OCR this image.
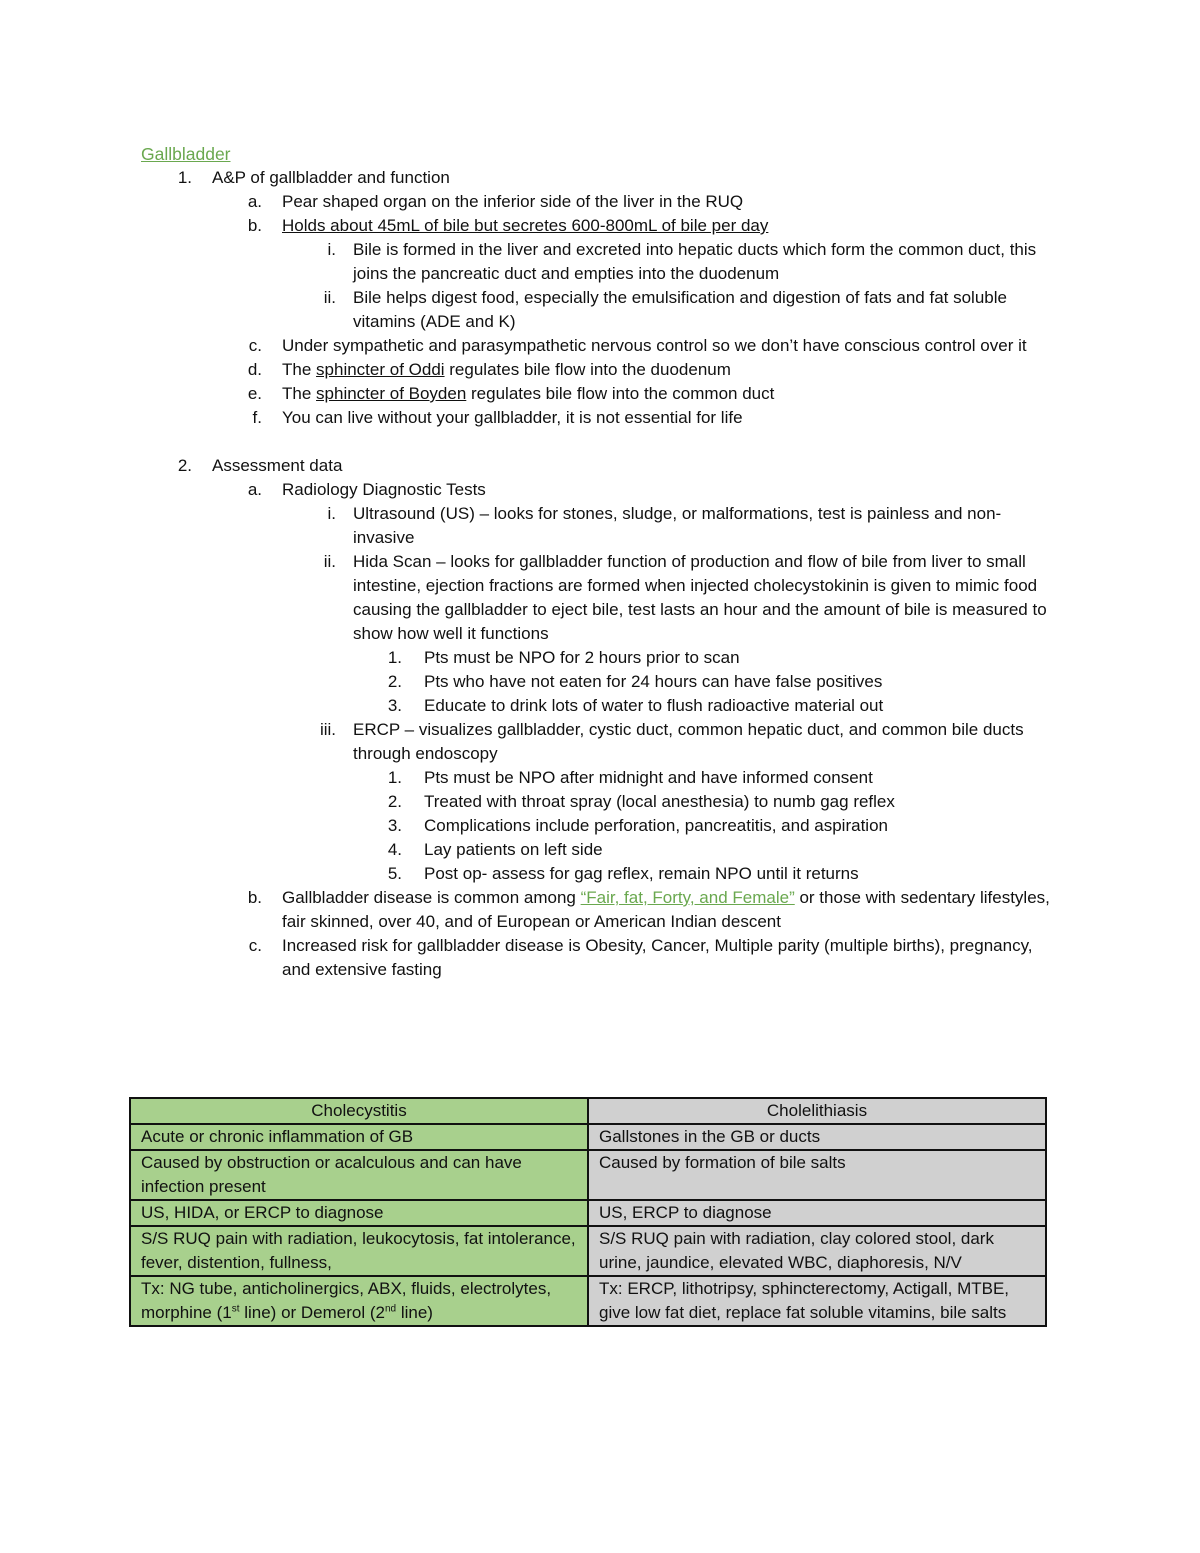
Gallbladder
1. A&P of gallbladder and function
a. Pear shaped organ on the inferior side of the liver in the RUQ
b. Holds about 45mL of bile but secretes 600-800mL of bile per day
i. Bile is formed in the liver and excreted into hepatic ducts which form the common duct, this joins the pancreatic duct and empties into the duodenum
ii. Bile helps digest food, especially the emulsification and digestion of fats and fat soluble vitamins (ADE and K)
c. Under sympathetic and parasympathetic nervous control so we don’t have conscious control over it
d. The sphincter of Oddi regulates bile flow into the duodenum
e. The sphincter of Boyden regulates bile flow into the common duct
f. You can live without your gallbladder, it is not essential for life
2. Assessment data
a. Radiology Diagnostic Tests
i. Ultrasound (US) – looks for stones, sludge, or malformations, test is painless and non-invasive
ii. Hida Scan – looks for gallbladder function of production and flow of bile from liver to small intestine, ejection fractions are formed when injected cholecystokinin is given to mimic food causing the gallbladder to eject bile, test lasts an hour and the amount of bile is measured to show how well it functions
1. Pts must be NPO for 2 hours prior to scan
2. Pts who have not eaten for 24 hours can have false positives
3. Educate to drink lots of water to flush radioactive material out
iii. ERCP – visualizes gallbladder, cystic duct, common hepatic duct, and common bile ducts through endoscopy
1. Pts must be NPO after midnight and have informed consent
2. Treated with throat spray (local anesthesia) to numb gag reflex
3. Complications include perforation, pancreatitis, and aspiration
4. Lay patients on left side
5. Post op- assess for gag reflex, remain NPO until it returns
b. Gallbladder disease is common among “Fair, fat, Forty, and Female” or those with sedentary lifestyles, fair skinned, over 40, and of European or American Indian descent
c. Increased risk for gallbladder disease is Obesity, Cancer, Multiple parity (multiple births), pregnancy, and extensive fasting
Cholecystitis	Cholelithiasis
Acute or chronic inflammation of GB	Gallstones in the GB or ducts
Caused by obstruction or acalculous and can have infection present	Caused by formation of bile salts
US, HIDA, or ERCP to diagnose	US, ERCP to diagnose
S/S RUQ pain with radiation, leukocytosis, fat intolerance, fever, distention, fullness,	S/S RUQ pain with radiation, clay colored stool, dark urine, jaundice, elevated WBC, diaphoresis, N/V
Tx: NG tube, anticholinergics, ABX, fluids, electrolytes, morphine (1st line) or Demerol (2nd line)	Tx: ERCP, lithotripsy, sphincterectomy, Actigall, MTBE, give low fat diet, replace fat soluble vitamins, bile salts
